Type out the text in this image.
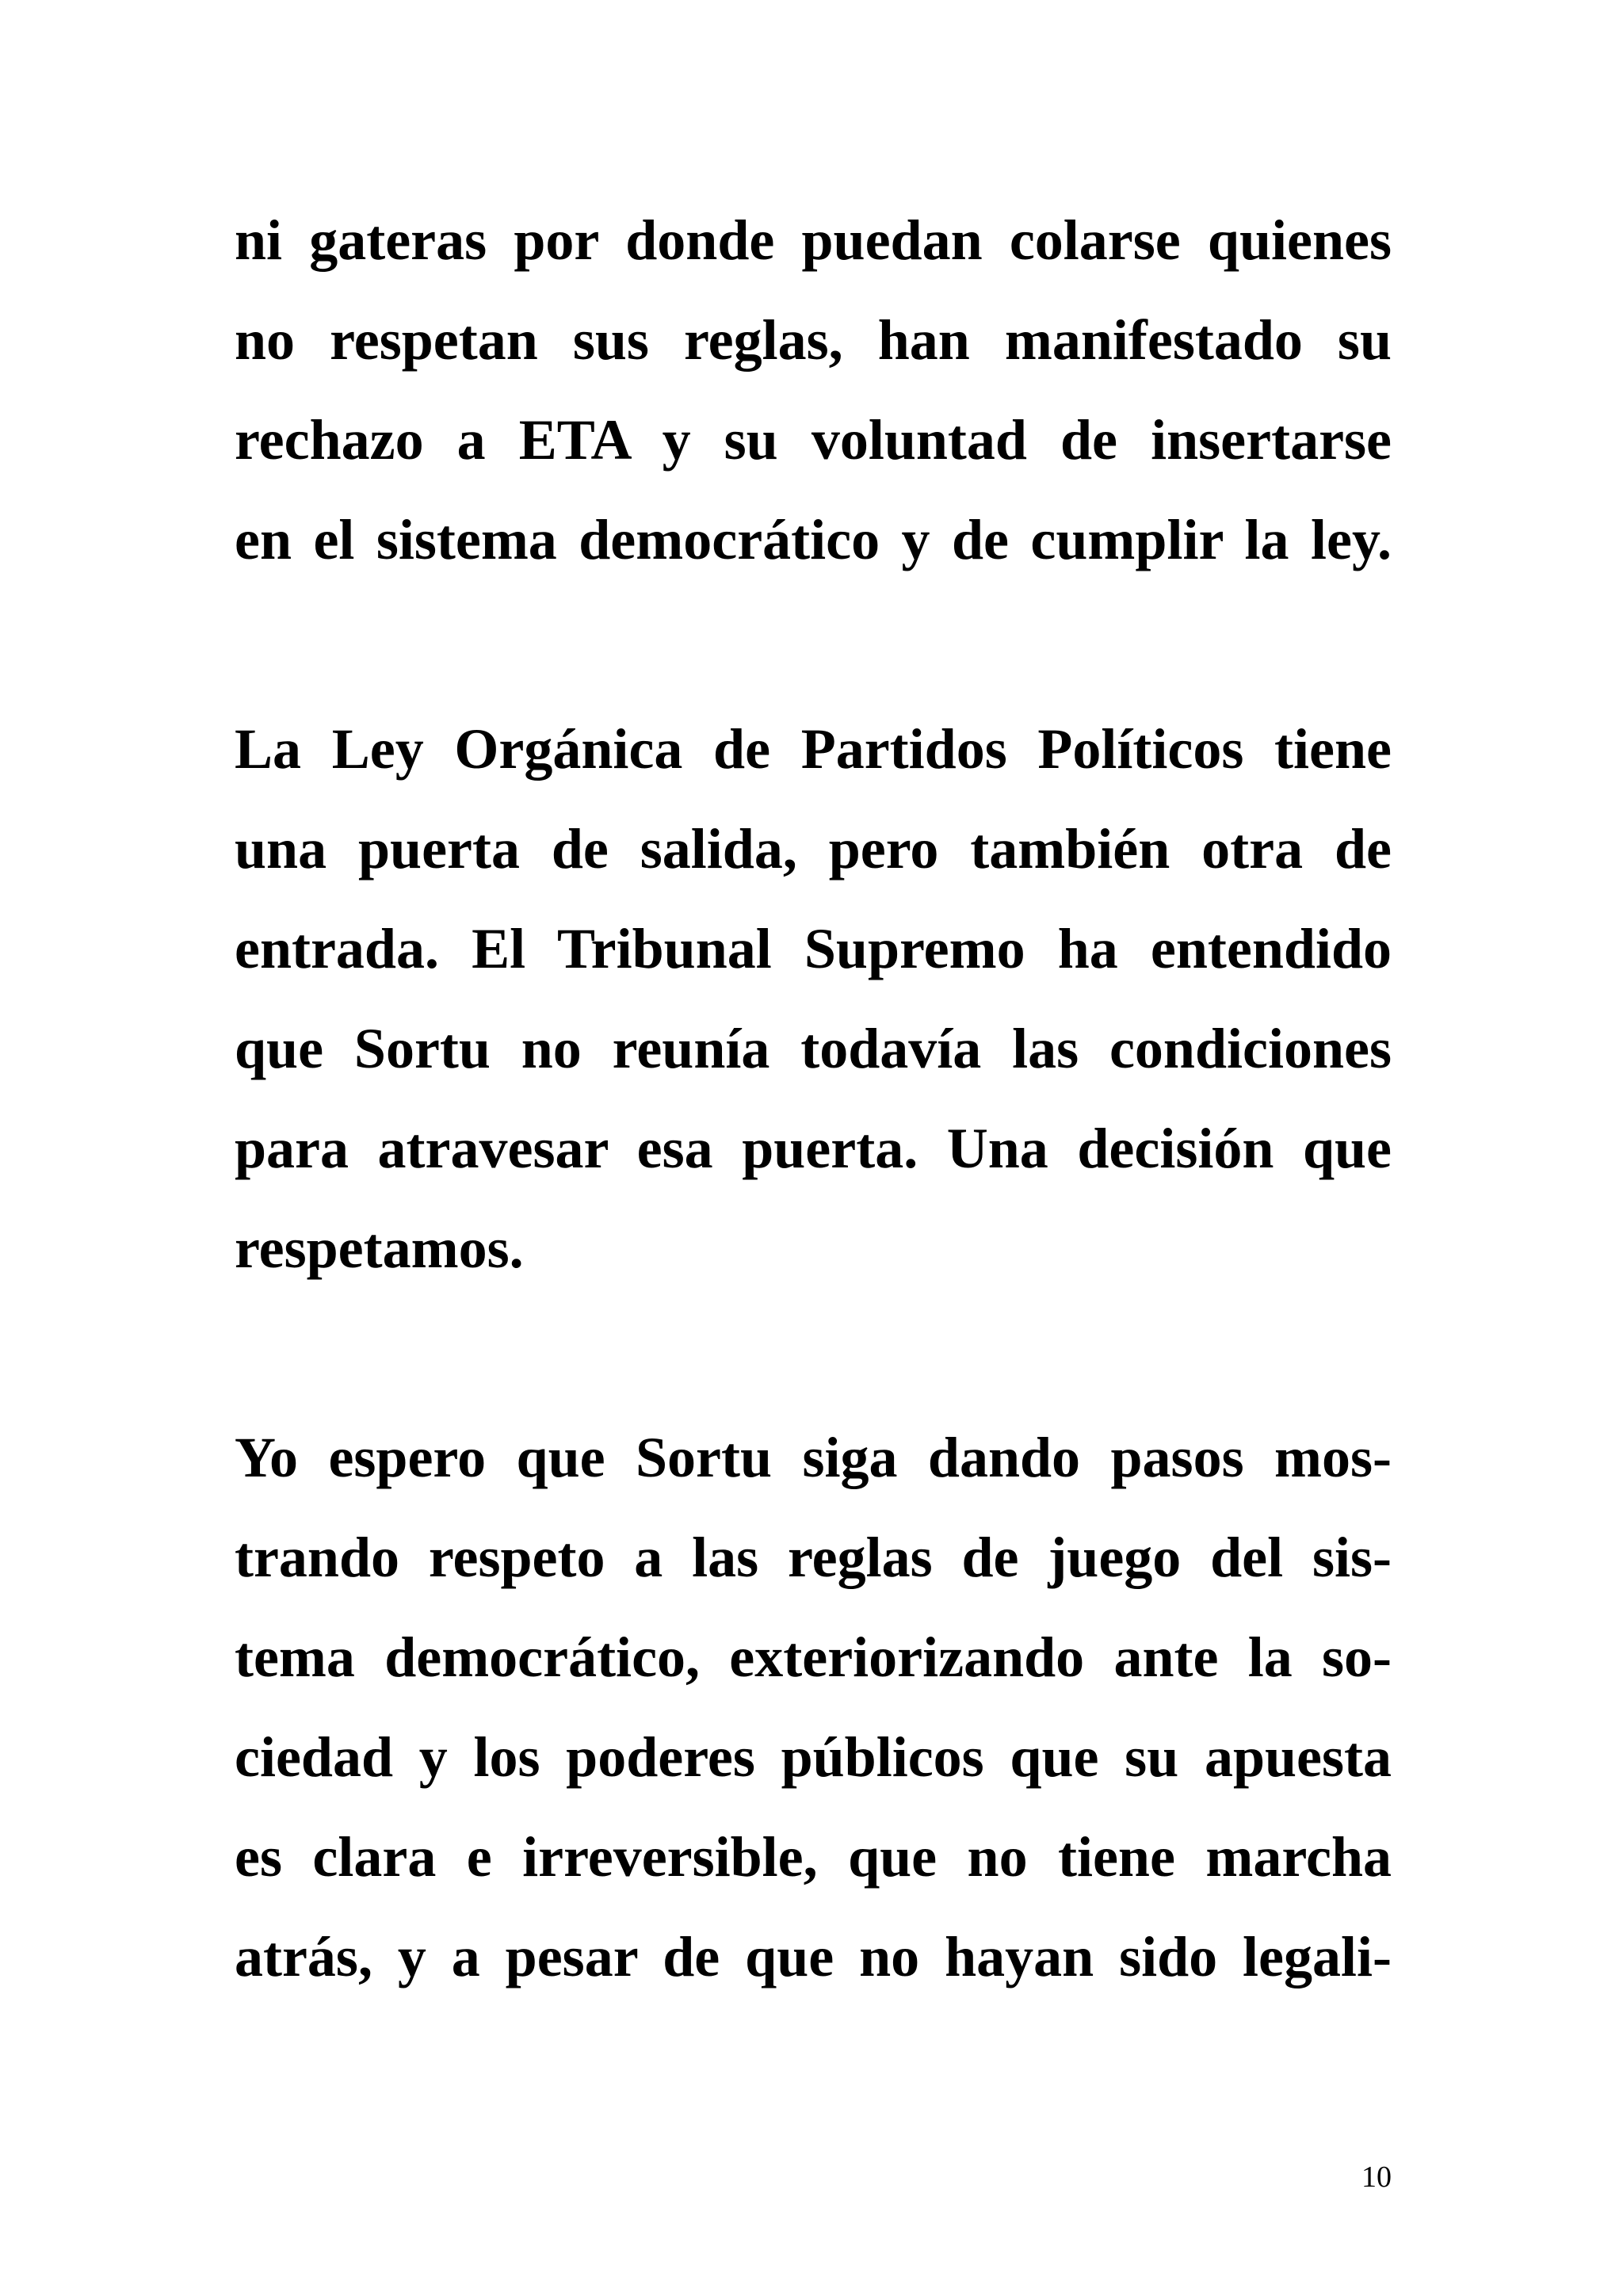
ni gateras por donde puedan colarse quienes
no respetan sus reglas, han manifestado su
rechazo a ETA y su voluntad de insertarse
en el sistema democrático y de cumplir la ley.
La Ley Orgánica de Partidos Políticos tiene
una puerta de salida, pero también otra de
entrada. El Tribunal Supremo ha entendido
que Sortu no reunía todavía las condiciones
para atravesar esa puerta. Una decisión que
respetamos.
Yo espero que Sortu siga dando pasos mos-
trando respeto a las reglas de juego del sis-
tema democrático, exteriorizando ante la so-
ciedad y los poderes públicos que su apuesta
es clara e irreversible, que no tiene marcha
atrás, y a pesar de que no hayan sido legali-
10
